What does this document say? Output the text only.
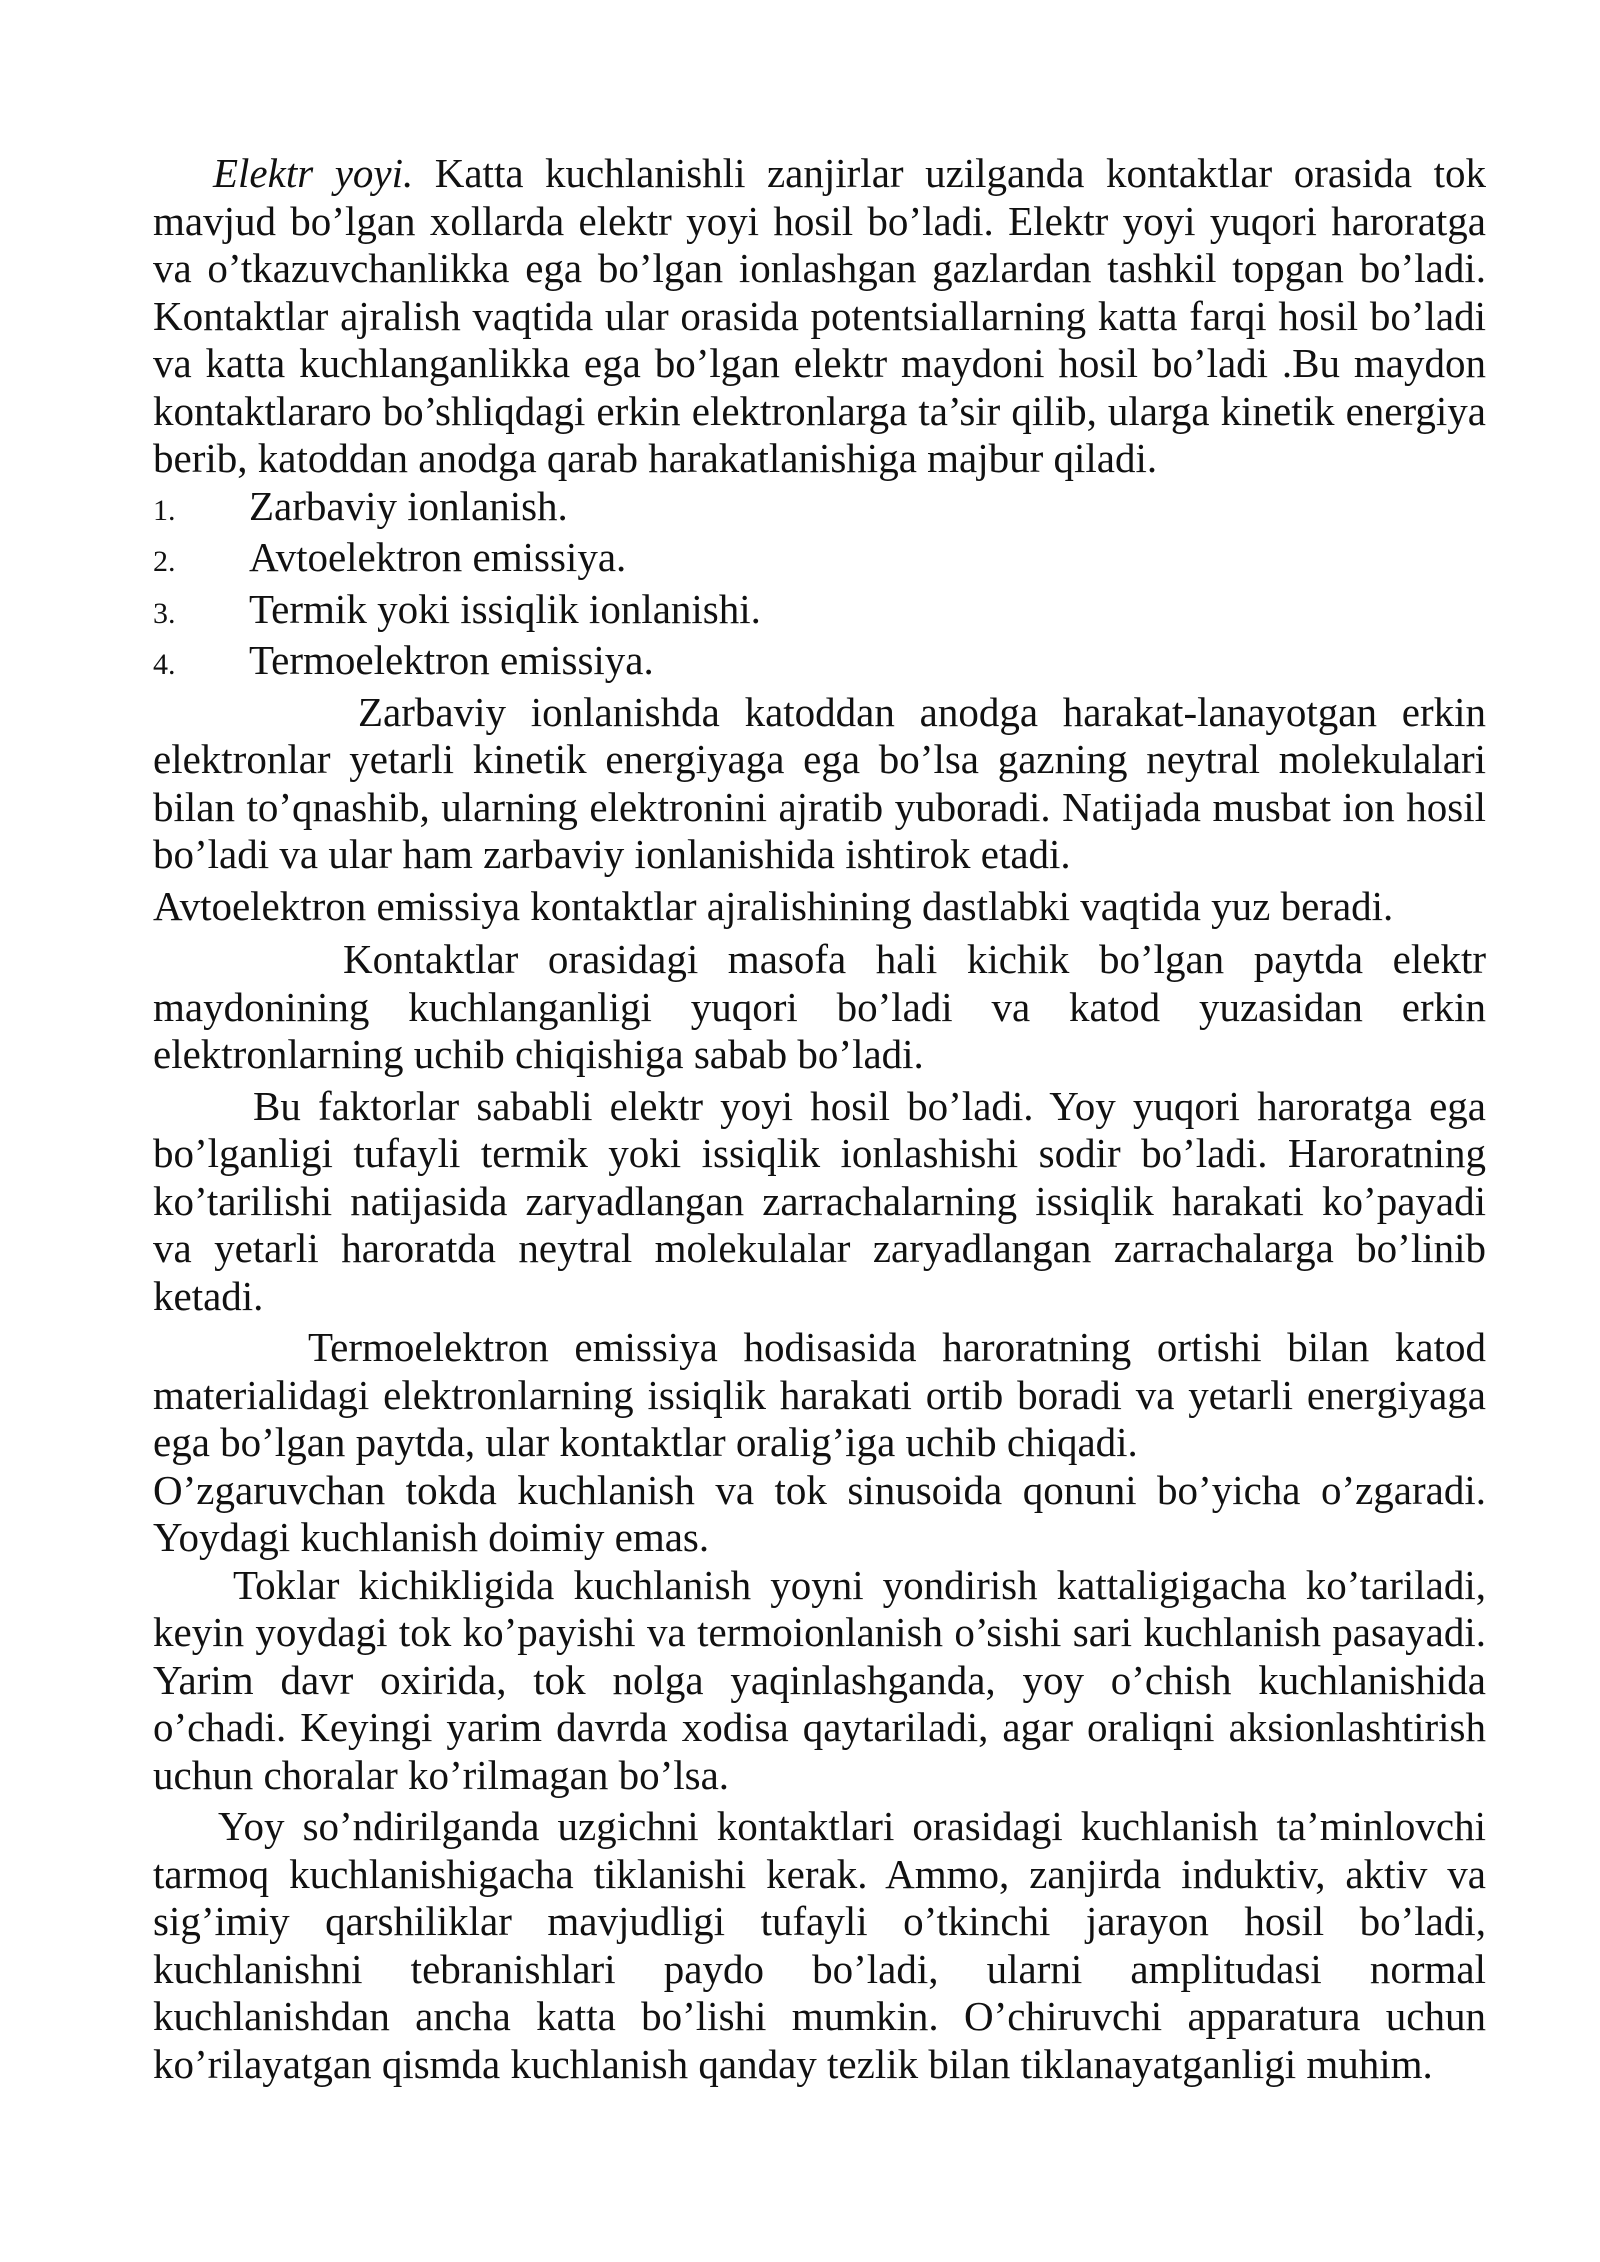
Elektr yoyi. Katta kuchlanishli zanjirlar uzilganda kontaktlar orasida tok mavjud bo’lgan xollarda elektr yoyi hosil bo’ladi. Elektr yoyi yuqori haroratga va o’tkazuvchanlikka ega bo’lgan ionlashgan gazlardan tashkil topgan bo’ladi. Kontaktlar ajralish vaqtida ular orasida potentsiallarning katta farqi hosil bo’ladi va katta kuchlanganlikka ega bo’lgan elektr maydoni hosil bo’ladi .Bu maydon kontaktlararo bo’shliqdagi erkin elektronlarga ta’sir qilib, ularga kinetik energiya berib, katoddan anodga qarab harakatlanishiga majbur qiladi.

1.	Zarbaviy ionlanish.
2.	Avtoelektron emissiya.
3.	Termik yoki issiqlik ionlanishi.
4.	Termoelektron emissiya.

Zarbaviy ionlanishda katoddan anodga harakat-lanayotgan erkin elektronlar yetarli kinetik energiyaga ega bo’lsa gazning neytral molekulalari bilan to’qnashib, ularning elektronini ajratib yuboradi. Natijada musbat ion hosil bo’ladi va ular ham zarbaviy ionlanishida ishtirok etadi.

Avtoelektron emissiya kontaktlar ajralishining dastlabki vaqtida yuz beradi.

Kontaktlar orasidagi masofa hali kichik bo’lgan paytda elektr maydonining kuchlanganligi yuqori bo’ladi va katod yuzasidan erkin elektronlarning uchib chiqishiga sabab bo’ladi.

Bu faktorlar sababli elektr yoyi hosil bo’ladi. Yoy yuqori haroratga ega bo’lganligi tufayli termik yoki issiqlik ionlashishi sodir bo’ladi. Haroratning ko’tarilishi natijasida zaryadlangan zarrachalarning issiqlik harakati ko’payadi va yetarli haroratda neytral molekulalar zaryadlangan zarrachalarga bo’linib ketadi.

Termoelektron emissiya hodisasida haroratning ortishi bilan katod materialidagi elektronlarning issiqlik harakati ortib boradi va yetarli energiyaga ega bo’lgan paytda, ular kontaktlar oralig’iga uchib chiqadi.

O’zgaruvchan tokda kuchlanish va tok sinusoida qonuni bo’yicha o’zgaradi. Yoydagi kuchlanish doimiy emas.

Toklar kichikligida kuchlanish yoyni yondirish kattaligigacha ko’tariladi, keyin yoydagi tok ko’payishi va termoionlanish o’sishi sari kuchlanish pasayadi. Yarim davr oxirida, tok nolga yaqinlashganda, yoy o’chish kuchlanishida o’chadi. Keyingi yarim davrda xodisa qaytariladi, agar oraliqni aksionlashtirish uchun choralar ko’rilmagan bo’lsa.

Yoy so’ndirilganda uzgichni kontaktlari orasidagi kuchlanish ta’minlovchi tarmoq kuchlanishigacha tiklanishi kerak. Ammo, zanjirda induktiv, aktiv va sig’imiy qarshiliklar mavjudligi tufayli o’tkinchi jarayon hosil bo’ladi, kuchlanishni tebranishlari paydo bo’ladi, ularni amplitudasi normal kuchlanishdan ancha katta bo’lishi mumkin. O’chiruvchi apparatura uchun ko’rilayatgan qismda kuchlanish qanday tezlik bilan tiklanayatganligi muhim.
